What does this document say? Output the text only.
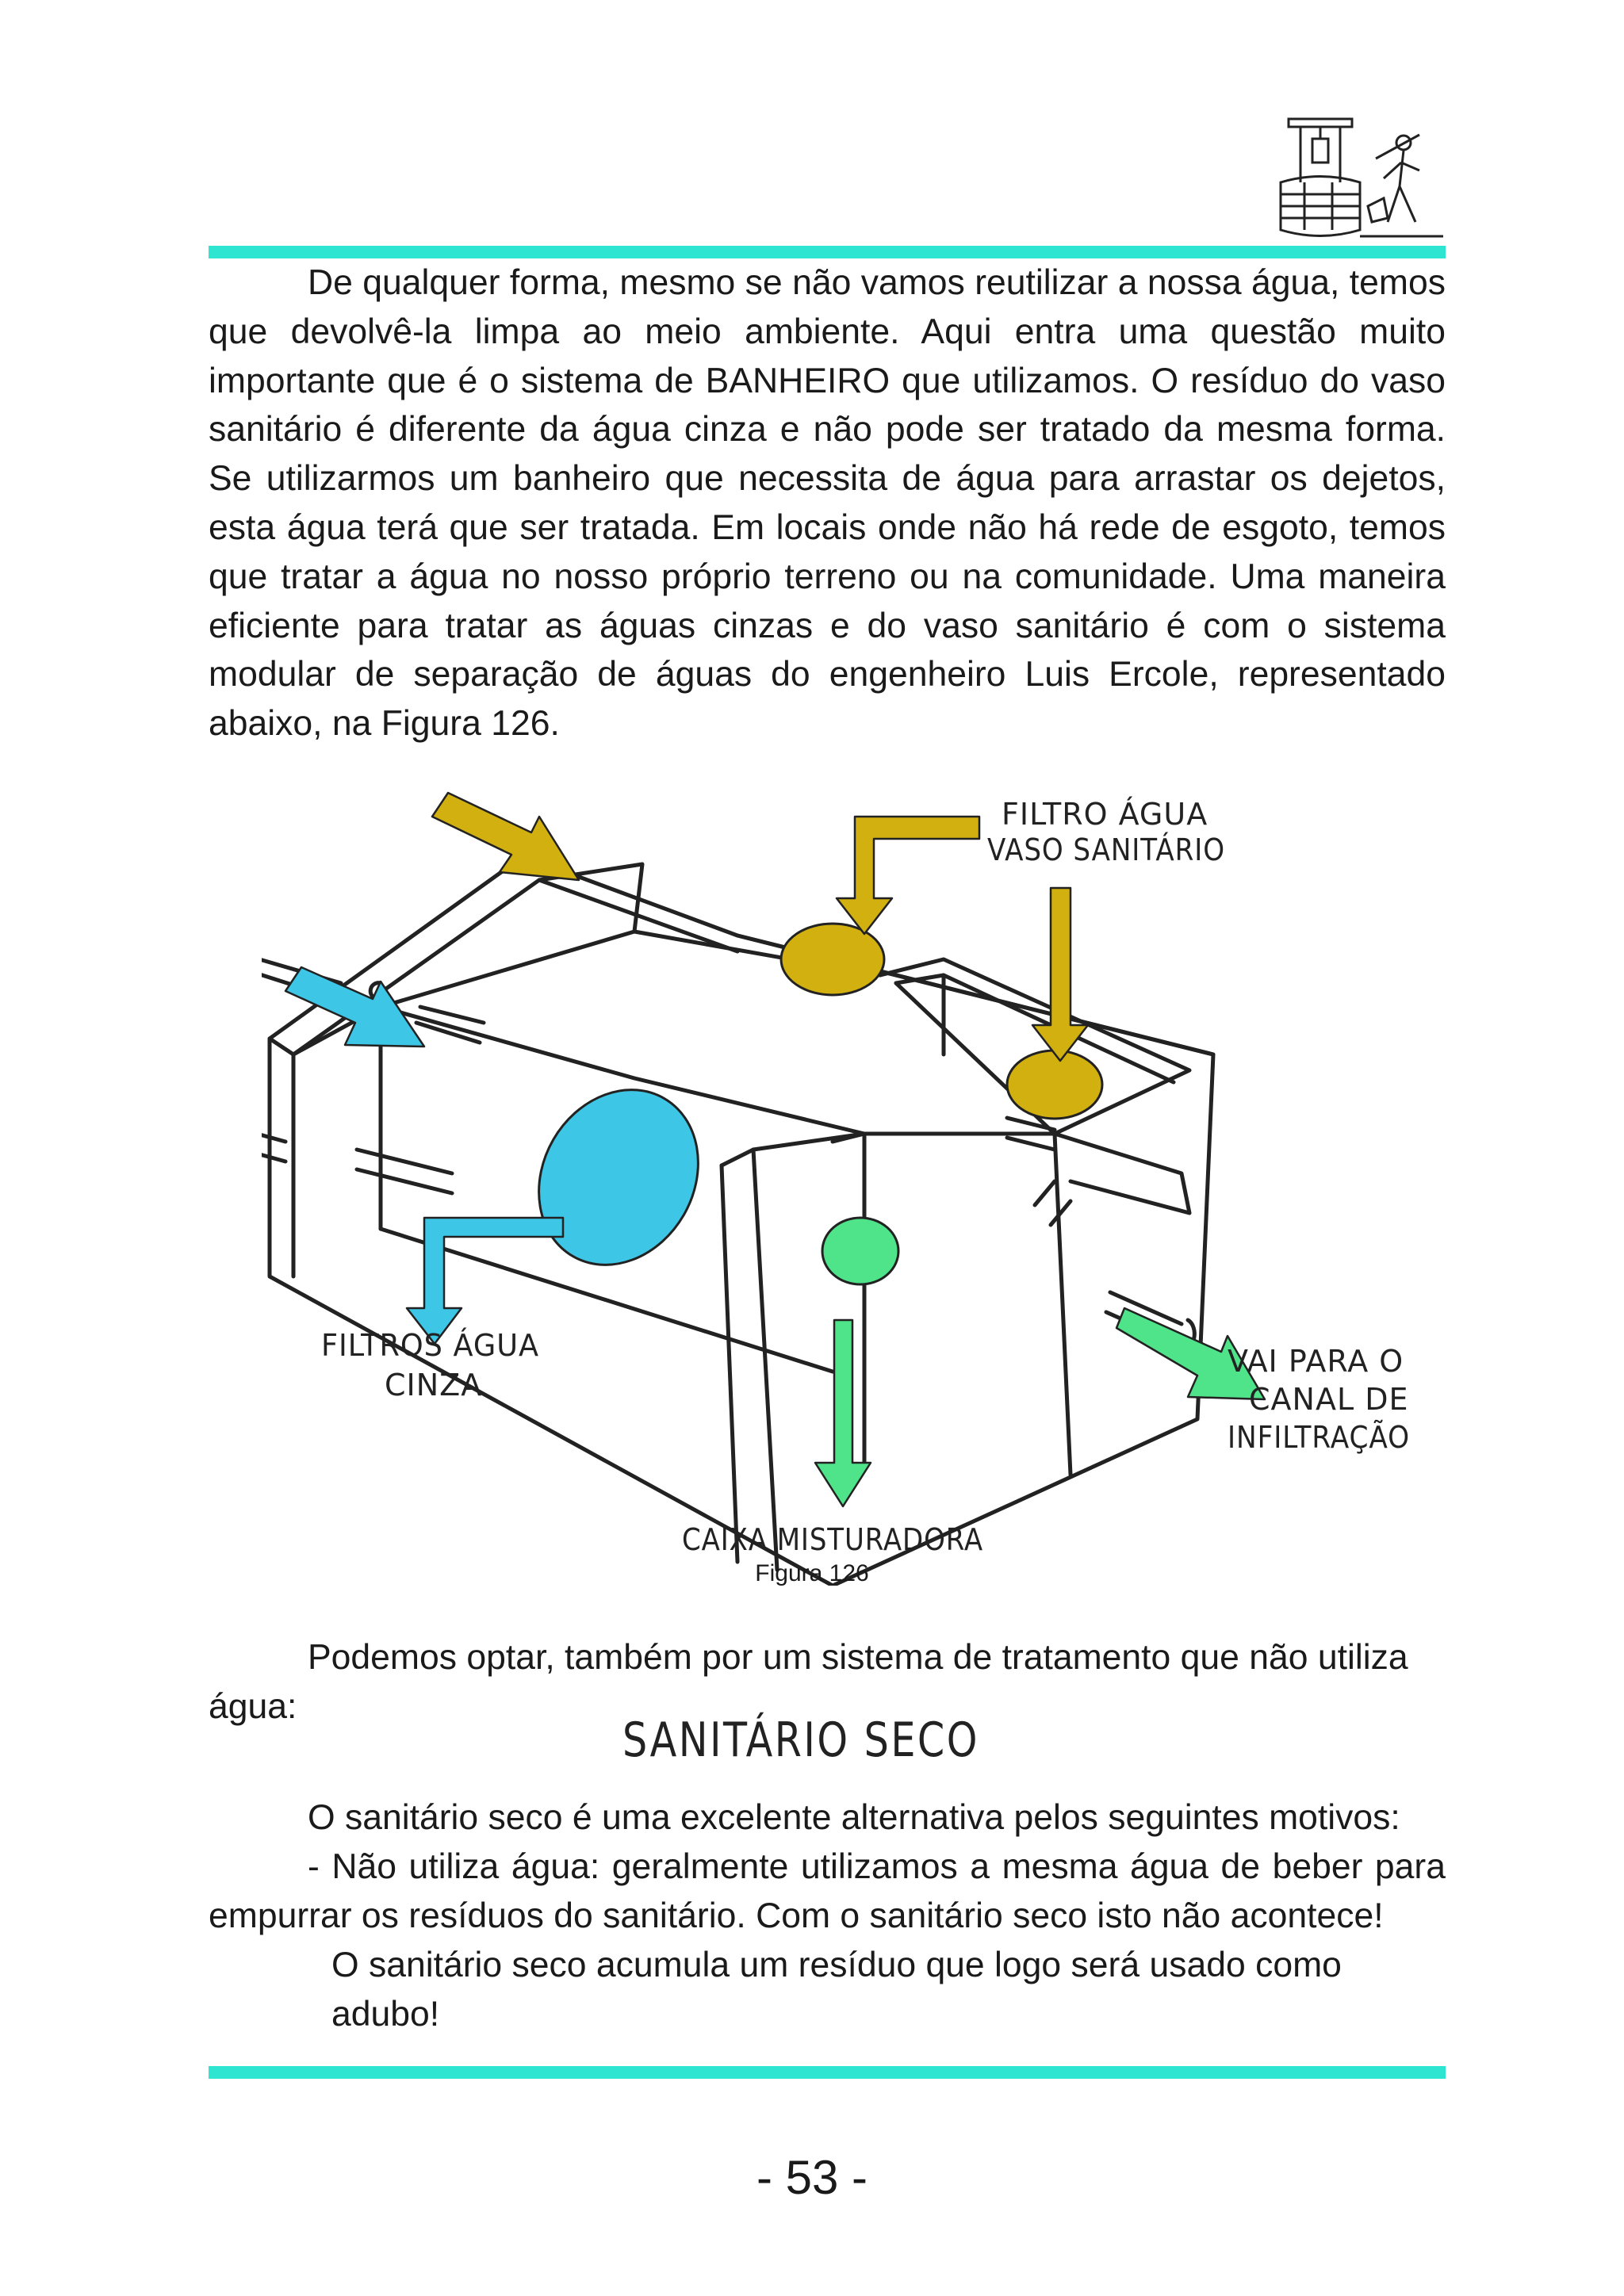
De qualquer forma, mesmo se não vamos reutilizar a nossa água, temos que devolvê-la limpa ao meio ambiente. Aqui entra uma questão muito importante que é o sistema de BANHEIRO que utilizamos. O resíduo do vaso sanitário é diferente da água cinza e não pode ser tratado da mesma forma. Se utilizarmos um banheiro que necessita de água para arrastar os dejetos, esta água terá que ser tratada. Em locais onde não há rede de esgoto, temos que tratar a água no nosso próprio terreno ou na comunidade. Uma maneira eficiente para tratar as águas cinzas e do vaso sanitário é com o sistema modular de separação de águas do engenheiro Luis Ercole, representado abaixo, na Figura 126.

FILTRO ÁGUA
VASO SANITÁRIO
FILTROS ÁGUA
CINZA
VAI PARA O
CANAL DE
INFILTRAÇÃO
CAIXA MISTURADORA

Figura 126

Podemos optar, também por um sistema de tratamento que não utiliza

água:

SANITÁRIO SECO

O sanitário seco é uma excelente alternativa pelos seguintes motivos:

- Não utiliza água: geralmente utilizamos a mesma água de beber para empurrar os resíduos do sanitário. Com o sanitário seco isto não acontece!

O sanitário seco acumula um resíduo que logo será usado como adubo!

- 53 -
